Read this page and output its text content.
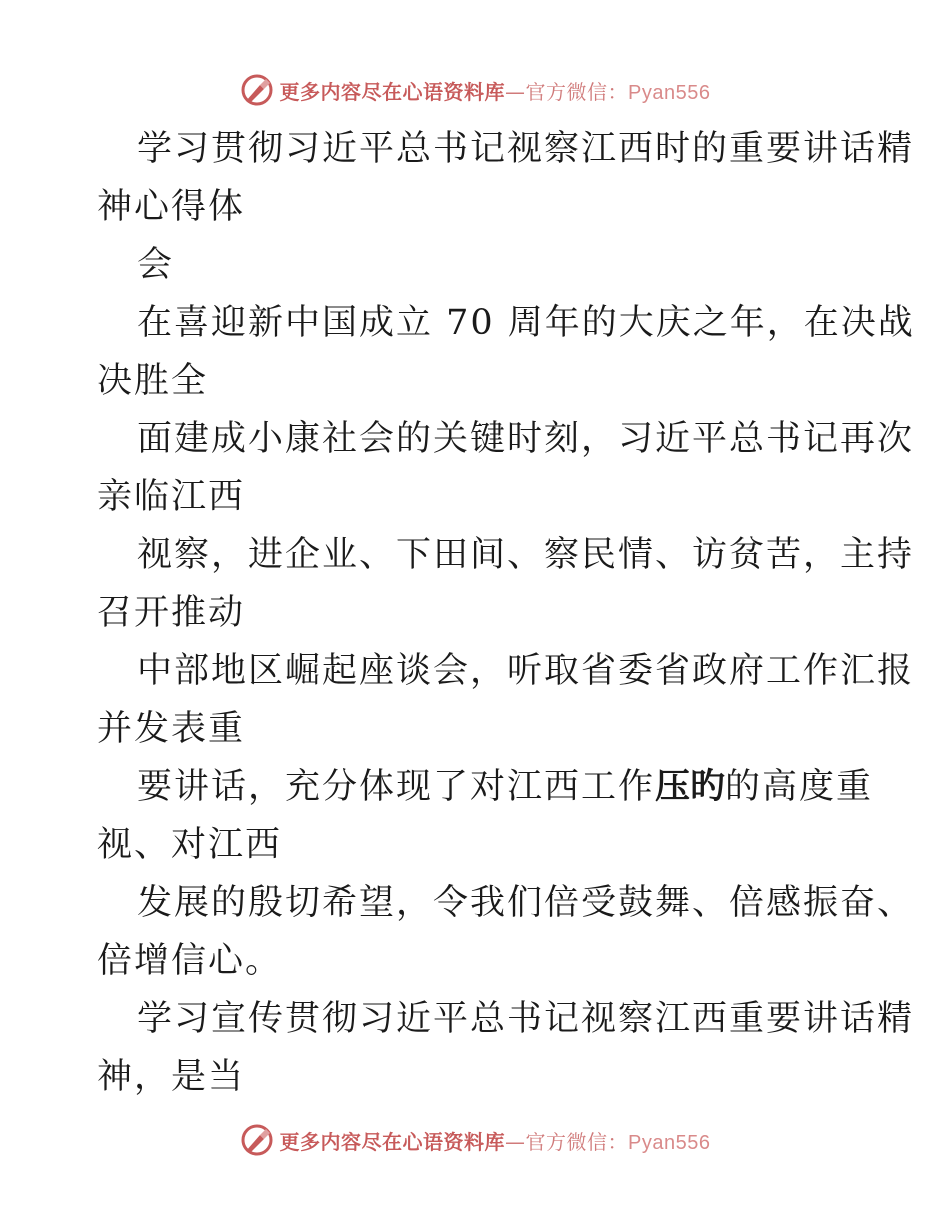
更多内容尽在心语资料库—官方微信：Pyan556
学习贯彻习近平总书记视察江西时的重要讲话精
神心得体
会
在喜迎新中国成立 70 周年的大庆之年，在决战
决胜全
面建成小康社会的关键时刻，习近平总书记再次
亲临江西
视察，进企业、下田间、察民情、访贫苦，主持
召开推动
中部地区崛起座谈会，听取省委省政府工作汇报
并发表重
要讲话，充分体现了对江西工作压旳的高度重
视、对江西
发展的殷切希望，令我们倍受鼓舞、倍感振奋、
倍增信心。
学习宣传贯彻习近平总书记视察江西重要讲话精
神，是当
更多内容尽在心语资料库—官方微信：Pyan556
